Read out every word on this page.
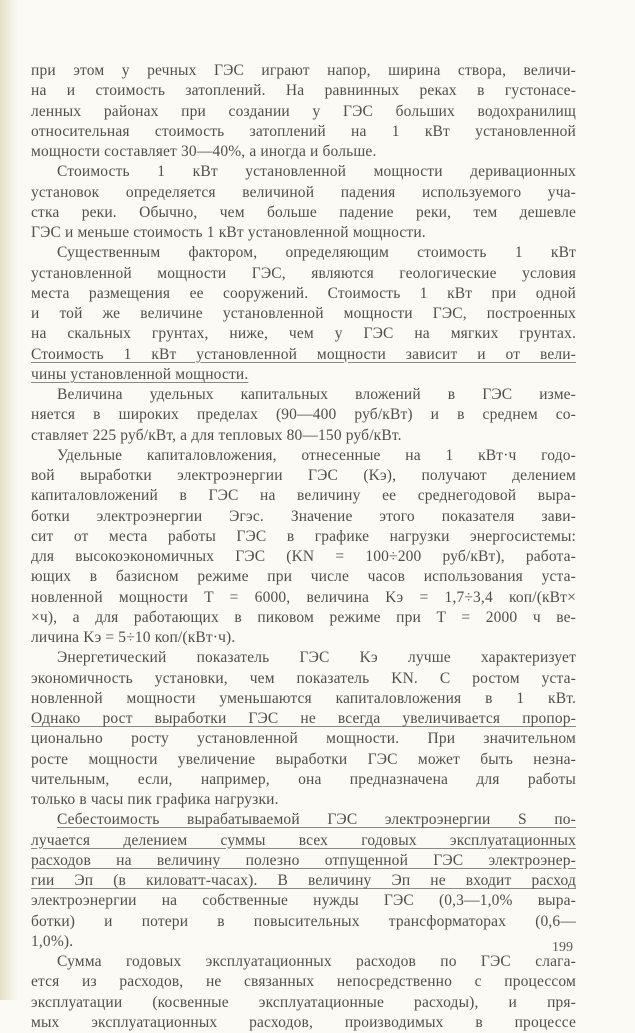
при этом у речных ГЭС играют напор, ширина створа, величи-
на и стоимость затоплений. На равнинных реках в густонасе-
ленных районах при создании у ГЭС больших водохранилищ
относительная стоимость затоплений на 1 кВт установленной
мощности составляет 30—40%, а иногда и больше.
Стоимость 1 кВт установленной мощности деривационных
установок определяется величиной падения используемого уча-
стка реки. Обычно, чем больше падение реки, тем дешевле
ГЭС и меньше стоимость 1 кВт установленной мощности.
Существенным фактором, определяющим стоимость 1 кВт
установленной мощности ГЭС, являются геологические условия
места размещения ее сооружений. Стоимость 1 кВт при одной
и той же величине установленной мощности ГЭС, построенных
на скальных грунтах, ниже, чем у ГЭС на мягких грунтах.
Стоимость 1 кВт установленной мощности зависит и от вели-
чины установленной мощности.
Величина удельных капитальных вложений в ГЭС изме-
няется в широких пределах (90—400 руб/кВт) и в среднем со-
ставляет 225 руб/кВт, а для тепловых 80—150 руб/кВт.
Удельные капиталовложения, отнесенные на 1 кВт·ч годо-
вой выработки электроэнергии ГЭС (Kэ), получают делением
капиталовложений в ГЭС на величину ее среднегодовой выра-
ботки электроэнергии Эгэс. Значение этого показателя зави-
сит от места работы ГЭС в графике нагрузки энергосистемы:
для высокоэкономичных ГЭС (KN = 100÷200 руб/кВт), работа-
ющих в базисном режиме при числе часов использования уста-
новленной мощности T = 6000, величина Kэ = 1,7÷3,4 коп/(кВт×
×ч), а для работающих в пиковом режиме при T = 2000 ч ве-
личина Kэ = 5÷10 коп/(кВт·ч).
Энергетический показатель ГЭС Kэ лучше характеризует
экономичность установки, чем показатель KN. С ростом уста-
новленной мощности уменьшаются капиталовложения в 1 кВт.
Однако рост выработки ГЭС не всегда увеличивается пропор-
ционально росту установленной мощности. При значительном
росте мощности увеличение выработки ГЭС может быть незна-
чительным, если, например, она предназначена для работы
только в часы пик графика нагрузки.
Себестоимость вырабатываемой ГЭС электроэнергии S по-
лучается делением суммы всех годовых эксплуатационных
расходов на величину полезно отпущенной ГЭС электроэнер-
гии Эп (в киловатт-часах). В величину Эп не входит расход
электроэнергии на собственные нужды ГЭС (0,3—1,0% выра-
ботки) и потери в повысительных трансформаторах (0,6—
1,0%).
Сумма годовых эксплуатационных расходов по ГЭС слага-
ется из расходов, не связанных непосредственно с процессом
эксплуатации (косвенные эксплуатационные расходы), и пря-
мых эксплуатационных расходов, производимых в процессе
199
